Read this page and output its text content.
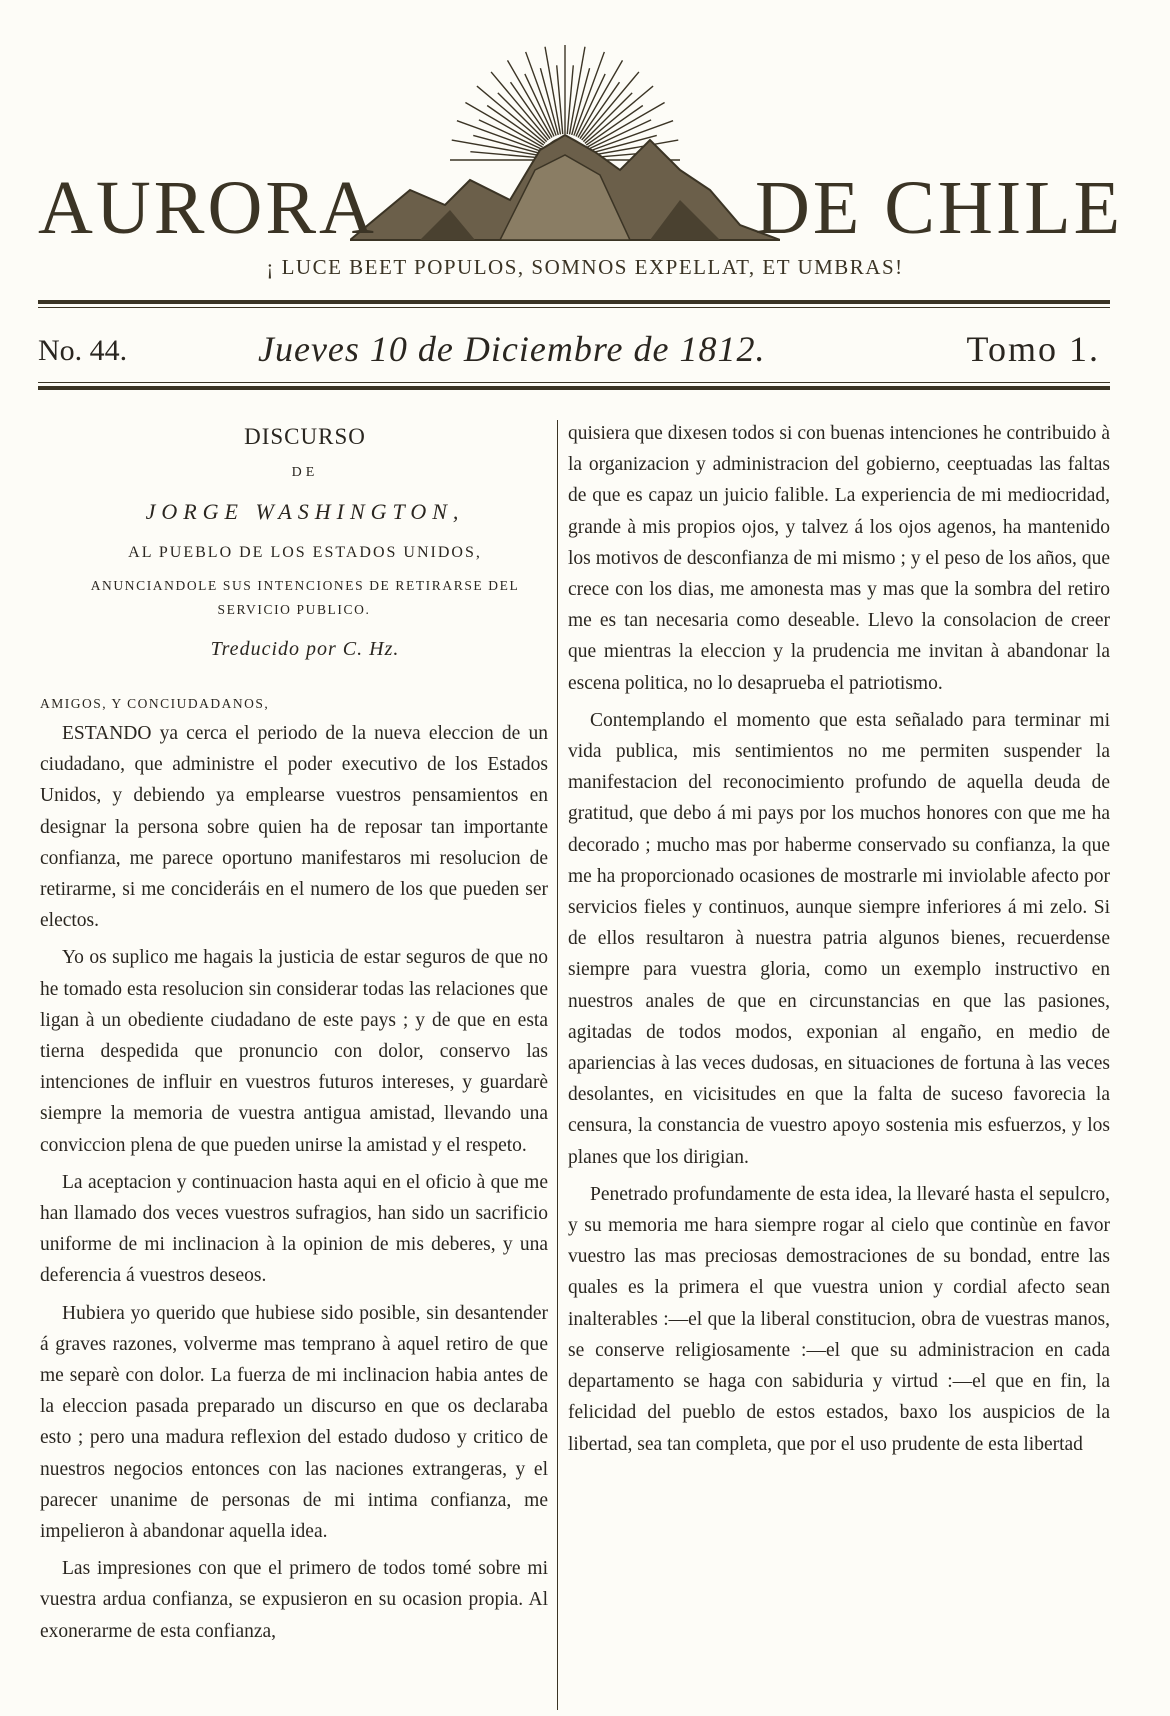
AURORA	DE CHILE
¡ LUCE BEET POPULOS, SOMNOS EXPELLAT, ET UMBRAS!
No. 44.	Jueves 10 de Diciembre de 1812.	Tomo 1.

DISCURSO

DE

JORGE WASHINGTON,

AL PUEBLO DE LOS ESTADOS UNIDOS,

ANUNCIANDOLE SUS INTENCIONES DE RETIRARSE DEL SERVICIO PUBLICO.

Treducido por C. Hz.

AMIGOS, Y CONCIUDADANOS,

ESTANDO ya cerca el periodo de la nueva eleccion de un ciudadano, que administre el poder executivo de los Estados Unidos, y debiendo ya emplearse vuestros pensamientos en designar la persona sobre quien ha de reposar tan importante confianza, me parece oportuno manifestaros mi resolucion de retirarme, si me concideráis en el numero de los que pueden ser electos.

Yo os suplico me hagais la justicia de estar seguros de que no he tomado esta resolucion sin considerar todas las relaciones que ligan à un obediente ciudadano de este pays ; y de que en esta tierna despedida que pronuncio con dolor, conservo las intenciones de influir en vuestros futuros intereses, y guardarè siempre la memoria de vuestra antigua amistad, llevando una conviccion plena de que pueden unirse la amistad y el respeto.

La aceptacion y continuacion hasta aqui en el oficio à que me han llamado dos veces vuestros sufragios, han sido un sacrificio uniforme de mi inclinacion à la opinion de mis deberes, y una deferencia á vuestros deseos.

Hubiera yo querido que hubiese sido posible, sin desantender á graves razones, volverme mas temprano à aquel retiro de que me separè con dolor. La fuerza de mi inclinacion habia antes de la eleccion pasada preparado un discurso en que os declaraba esto ; pero una madura reflexion del estado dudoso y critico de nuestros negocios entonces con las naciones extrangeras, y el parecer unanime de personas de mi intima confianza, me impelieron à abandonar aquella idea.

Las impresiones con que el primero de todos tomé sobre mi vuestra ardua confianza, se expusieron en su ocasion propia. Al exonerarme de esta confianza,

quisiera que dixesen todos si con buenas intenciones he contribuido à la organizacion y administracion del gobierno, ceeptuadas las faltas de que es capaz un juicio falible. La experiencia de mi mediocridad, grande à mis propios ojos, y talvez á los ojos agenos, ha mantenido los motivos de desconfianza de mi mismo ; y el peso de los años, que crece con los dias, me amonesta mas y mas que la sombra del retiro me es tan necesaria como deseable. Llevo la consolacion de creer que mientras la eleccion y la prudencia me invitan à abandonar la escena politica, no lo desaprueba el patriotismo.

Contemplando el momento que esta señalado para terminar mi vida publica, mis sentimientos no me permiten suspender la manifestacion del reconocimiento profundo de aquella deuda de gratitud, que debo á mi pays por los muchos honores con que me ha decorado ; mucho mas por haberme conservado su confianza, la que me ha proporcionado ocasiones de mostrarle mi inviolable afecto por servicios fieles y continuos, aunque siempre inferiores á mi zelo. Si de ellos resultaron à nuestra patria algunos bienes, recuerdense siempre para vuestra gloria, como un exemplo instructivo en nuestros anales de que en circunstancias en que las pasiones, agitadas de todos modos, exponian al engaño, en medio de apariencias à las veces dudosas, en situaciones de fortuna à las veces desolantes, en vicisitudes en que la falta de suceso favorecia la censura, la constancia de vuestro apoyo sostenia mis esfuerzos, y los planes que los dirigian.

Penetrado profundamente de esta idea, la llevaré hasta el sepulcro, y su memoria me hara siempre rogar al cielo que continùe en favor vuestro las mas preciosas demostraciones de su bondad, entre las quales es la primera el que vuestra union y cordial afecto sean inalterables :—el que la liberal constitucion, obra de vuestras manos, se conserve religiosamente :—el que su administracion en cada departamento se haga con sabiduria y virtud :—el que en fin, la felicidad del pueblo de estos estados, baxo los auspicios de la libertad, sea tan completa, que por el uso prudente de esta libertad
